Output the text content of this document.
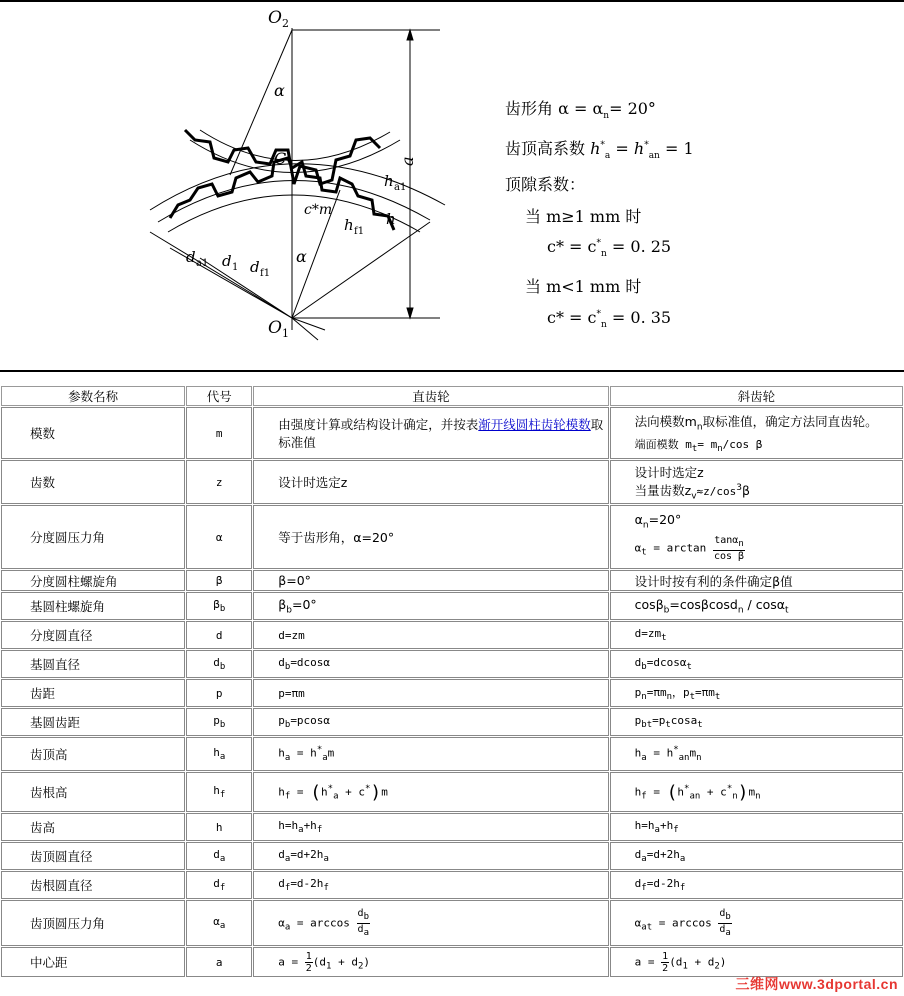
O 2
O 1
α
α
C	a
c*m
h a1
h f1
h
d a1 d 1 d f1
齿形角 $\alpha = \alpha_n= 20^\circ$
齿顶高系数 $h^*_a = h^*_{an} = 1$
顶隙系数：
当 m≥1 mm 时
$c* = c^*_n = 0$. 25
当 m<1 mm 时
$c* = c^*_n = 0$. 35
参数名称	代号	直齿轮	斜齿轮
模数	m	由强度计算或结构设计确定，并按表渐开线圆柱齿轮模数取标准值	法向模数$m_n$取标准值，确定方法同直齿轮。
端面模数 $m_t= m_n/\cos$ β

齿数	z	设计时选定z	设计时选定z
当量齿数$z_v\approx z/\cos^3\beta$

分度圆压力角	α	等于齿形角，α=20°	$\alpha_n=20^\circ$
$\alpha_t = \arctan \frac{\tan\alpha_n}{\text{cos β}}$

分度圆柱螺旋角	β	β=0°	设计时按有利的条件确定β值
基圆柱螺旋角	$\beta_b$	$\beta_b=0^\circ$	cosβ$_b$=cosβcosd$_n$ / cosα$_t$
分度圆直径	d	d=zm	$d=zm_t$
基圆直径	$d_b$	$d_b=dcos\alpha$	$d_b=dcos\alpha_t$
齿距	p	p=πm	$p_n=\pi m_n$，$p_t=\pi m_t$
基圆齿距	$p_b$	$p_b=pcos\alpha$	$p_{bt}=p_t\cos a_t$
齿顶高	$h_a$	$h_a = h^*_am$	$h_a = h^*_{an}m_n$
齿根高	$h_f$	$h_f = (h^*_a + c^*)m$	$h_f = (h^*_{an} + c^*_n)m_n$
齿高	h	$h=h_a+h_f$	$h=h_a+h_f$
齿顶圆直径	$d_a$	$d_a=d+2h_a$	$d_a=d+2h_a$
齿根圆直径	$d_f$	$d_f=d-2h_f$	$d_f=d-2h_f$
齿顶圆压力角	$\alpha_a$	$\alpha_a = \arccos \frac{d_b}{d_a}$	$\alpha_{at} = \arccos \frac{d_b}{d_a}$

中心距	a	$a = \frac{1}{2} (d_1 + d_2)$	$a = \frac{1}{2} (d_1 + d_2)$
三维网www.3dportal.cn
